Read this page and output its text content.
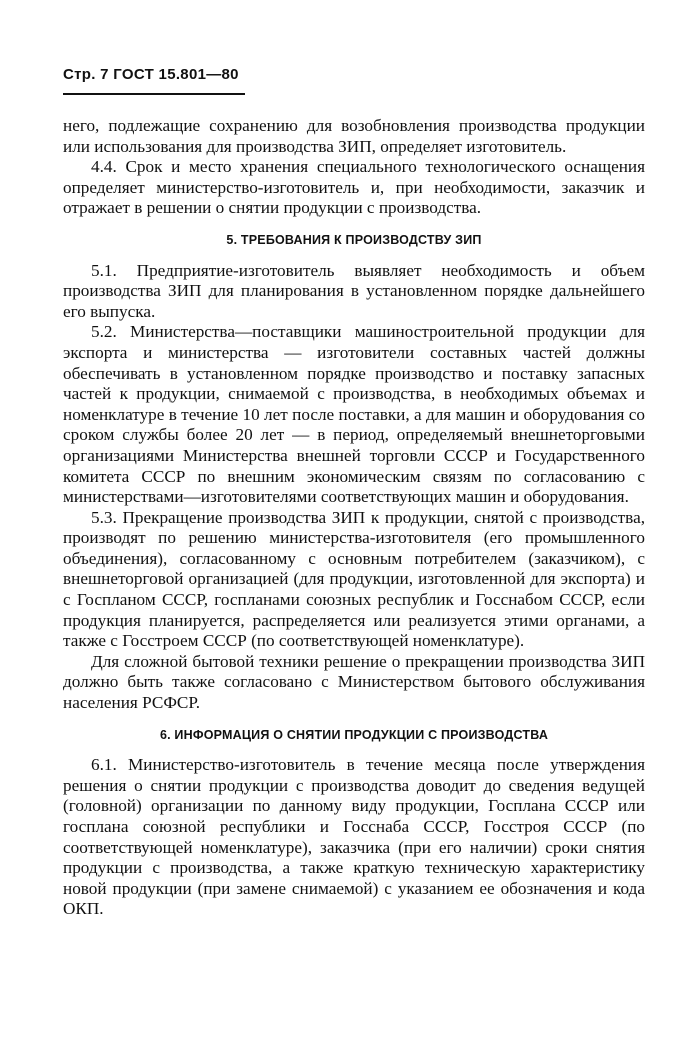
Стр. 7 ГОСТ 15.801—80

него, подлежащие сохранению для возобновления производства продукции или использования для производства ЗИП, определяет изготовитель.

4.4. Срок и место хранения специального технологического оснащения определяет министерство-изготовитель и, при необходимости, заказчик и отражает в решении о снятии продукции с производства.

5. ТРЕБОВАНИЯ К ПРОИЗВОДСТВУ ЗИП

5.1. Предприятие-изготовитель выявляет необходимость и объем производства ЗИП для планирования в установленном порядке дальнейшего его выпуска.

5.2. Министерства—поставщики машиностроительной продукции для экспорта и министерства — изготовители составных частей должны обеспечивать в установленном порядке производство и поставку запасных частей к продукции, снимаемой с производства, в необходимых объемах и номенклатуре в течение 10 лет после поставки, а для машин и оборудования со сроком службы более 20 лет — в период, определяемый внешнеторговыми организациями Министерства внешней торговли СССР и Государственного комитета СССР по внешним экономическим связям по согласованию с министерствами—изготовителями соответствующих машин и оборудования.

5.3. Прекращение производства ЗИП к продукции, снятой с производства, производят по решению министерства-изготовителя (его промышленного объединения), согласованному с основным потребителем (заказчиком), с внешнеторговой организацией (для продукции, изготовленной для экспорта) и с Госпланом СССР, госпланами союзных республик и Госснабом СССР, если продукция планируется, распределяется или реализуется этими органами, а также с Госстроем СССР (по соответствующей номенклатуре).

Для сложной бытовой техники решение о прекращении производства ЗИП должно быть также согласовано с Министерством бытового обслуживания населения РСФСР.

6. ИНФОРМАЦИЯ О СНЯТИИ ПРОДУКЦИИ С ПРОИЗВОДСТВА

6.1. Министерство-изготовитель в течение месяца после утверждения решения о снятии продукции с производства доводит до сведения ведущей (головной) организации по данному виду продукции, Госплана СССР или госплана союзной республики и Госснаба СССР, Госстроя СССР (по соответствующей номенклатуре), заказчика (при его наличии) сроки снятия продукции с производства, а также краткую техническую характеристику новой продукции (при замене снимаемой) с указанием ее обозначения и кода ОКП.
